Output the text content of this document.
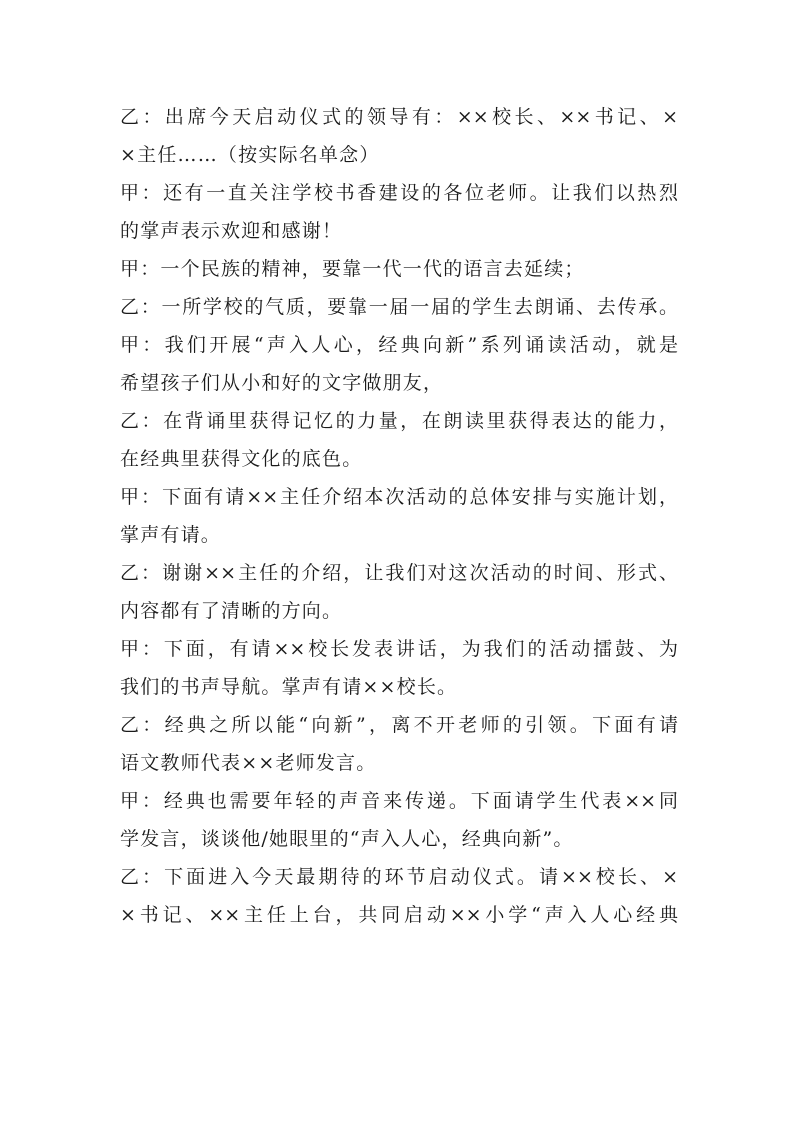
乙：出席今天启动仪式的领导有：××校长、××书记、×
×主任……（按实际名单念）
甲：还有一直关注学校书香建设的各位老师。让我们以热烈
的掌声表示欢迎和感谢！
甲：一个民族的精神，要靠一代一代的语言去延续；
乙：一所学校的气质，要靠一届一届的学生去朗诵、去传承。
甲：我们开展“声入人心，经典向新”系列诵读活动，就是
希望孩子们从小和好的文字做朋友，
乙：在背诵里获得记忆的力量，在朗读里获得表达的能力，
在经典里获得文化的底色。
甲：下面有请××主任介绍本次活动的总体安排与实施计划，
掌声有请。
乙：谢谢××主任的介绍，让我们对这次活动的时间、形式、
内容都有了清晰的方向。
甲：下面，有请××校长发表讲话，为我们的活动擂鼓、为
我们的书声导航。掌声有请××校长。
乙：经典之所以能“向新”，离不开老师的引领。下面有请
语文教师代表××老师发言。
甲：经典也需要年轻的声音来传递。下面请学生代表××同
学发言，谈谈他/她眼里的“声入人心，经典向新”。
乙：下面进入今天最期待的环节启动仪式。请××校长、×
×书记、××主任上台，共同启动××小学“声入人心经典
